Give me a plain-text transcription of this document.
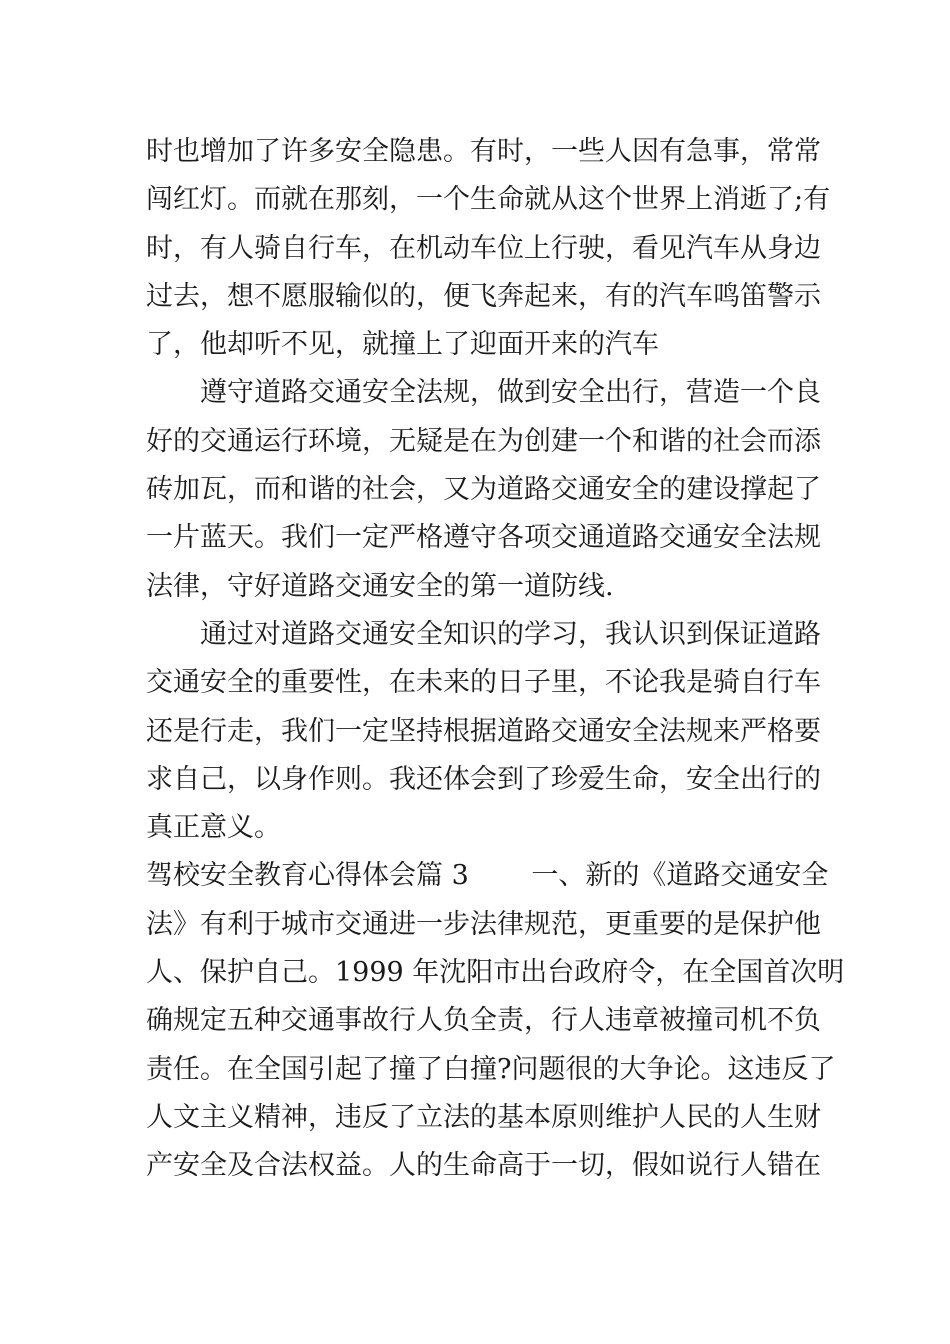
时也增加了许多安全隐患。有时，一些人因有急事，常常
闯红灯。而就在那刻，一个生命就从这个世界上消逝了;有
时，有人骑自行车，在机动车位上行驶，看见汽车从身边
过去，想不愿服输似的，便飞奔起来，有的汽车鸣笛警示
了，他却听不见，就撞上了迎面开来的汽车
遵守道路交通安全法规，做到安全出行，营造一个良
好的交通运行环境，无疑是在为创建一个和谐的社会而添
砖加瓦，而和谐的社会，又为道路交通安全的建设撑起了
一片蓝天。我们一定严格遵守各项交通道路交通安全法规
法律，守好道路交通安全的第一道防线.
通过对道路交通安全知识的学习，我认识到保证道路
交通安全的重要性，在未来的日子里，不论我是骑自行车
还是行走，我们一定坚持根据道路交通安全法规来严格要
求自己，以身作则。我还体会到了珍爱生命，安全出行的
真正意义。
驾校安全教育心得体会篇 3　　 一、新的《道路交通安全
法》有利于城市交通进一步法律规范，更重要的是保护他
人、保护自己。1999 年沈阳市出台政府令，在全国首次明
确规定五种交通事故行人负全责，行人违章被撞司机不负
责任。在全国引起了撞了白撞?问题很的大争论。这违反了
人文主义精神，违反了立法的基本原则维护人民的人生财
产安全及合法权益。人的生命高于一切，假如说行人错在
